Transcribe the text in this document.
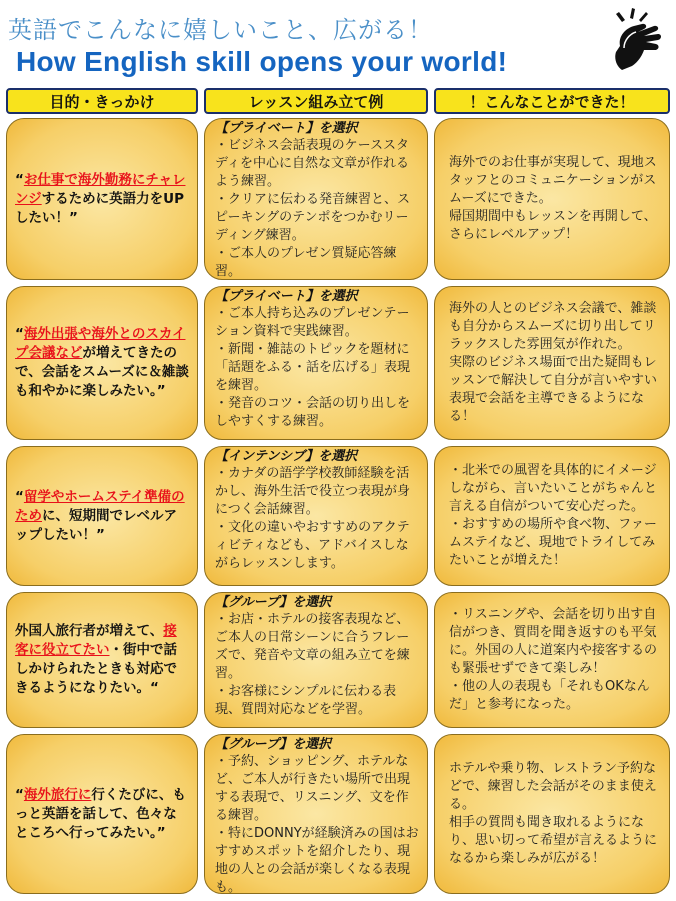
英語でこんなに嬉しいこと、広がる！
How English skill opens your world!
目的・きっかけ	レッスン組み立て例	！こんなことができた！
“お仕事で海外勤務にチャレンジするために英語力をUPしたい！”
【プライベート】を選択
・ビジネス会話表現のケーススタディを中心に自然な文章が作れるよう練習。
・クリアに伝わる発音練習と、スピーキングのテンポをつかむリーディング練習。
・ご本人のプレゼン質疑応答練習。
海外でのお仕事が実現して、現地スタッフとのコミュニケーションがスムーズにできた。
帰国期間中もレッスンを再開して、さらにレベルアップ！
“海外出張や海外とのスカイプ会議などが増えてきたので、会話をスムーズに＆雑談も和やかに楽しみたい。”
【プライベート】を選択
・ご本人持ち込みのプレゼンテーション資料で実践練習。
・新聞・雑誌のトピックを題材に「話題をふる・話を広げる」表現を練習。
・発音のコツ・会話の切り出しをしやすくする練習。
海外の人とのビジネス会議で、雑談も自分からスムーズに切り出してリラックスした雰囲気が作れた。
実際のビジネス場面で出た疑問もレッスンで解決して自分が言いやすい表現で会話を主導できるようになる！
“留学やホームステイ準備のために、短期間でレベルアップしたい！”
【インテンシブ】を選択
・カナダの語学学校教師経験を活かし、海外生活で役立つ表現が身につく会話練習。
・文化の違いやおすすめのアクティビティなども、アドバイスしながらレッスンします。
・北米での風習を具体的にイメージしながら、言いたいことがちゃんと言える自信がついて安心だった。
・おすすめの場所や食べ物、ファームステイなど、現地でトライしてみたいことが増えた！
外国人旅行者が増えて、接客に役立てたい・街中で話しかけられたときも対応できるようになりたい。“
【グループ】を選択
・お店・ホテルの接客表現など、ご本人の日常シーンに合うフレーズで、発音や文章の組み立てを練習。
・お客様にシンプルに伝わる表現、質問対応などを学習。
・リスニングや、会話を切り出す自信がつき、質問を聞き返すのも平気に。外国の人に道案内や接客するのも緊張せずできて楽しみ！
・他の人の表現も「それもOKなんだ」と参考になった。
“海外旅行に行くたびに、もっと英語を話して、色々なところへ行ってみたい。”
【グループ】を選択
・予約、ショッピング、ホテルなど、ご本人が行きたい場所で出現する表現で、リスニング、文を作る練習。
・特にDONNYが経験済みの国はおすすめスポットを紹介したり、現地の人との会話が楽しくなる表現も。
ホテルや乗り物、レストラン予約などで、練習した会話がそのまま使える。
相手の質問も聞き取れるようになり、思い切って希望が言えるようになるから楽しみが広がる！
